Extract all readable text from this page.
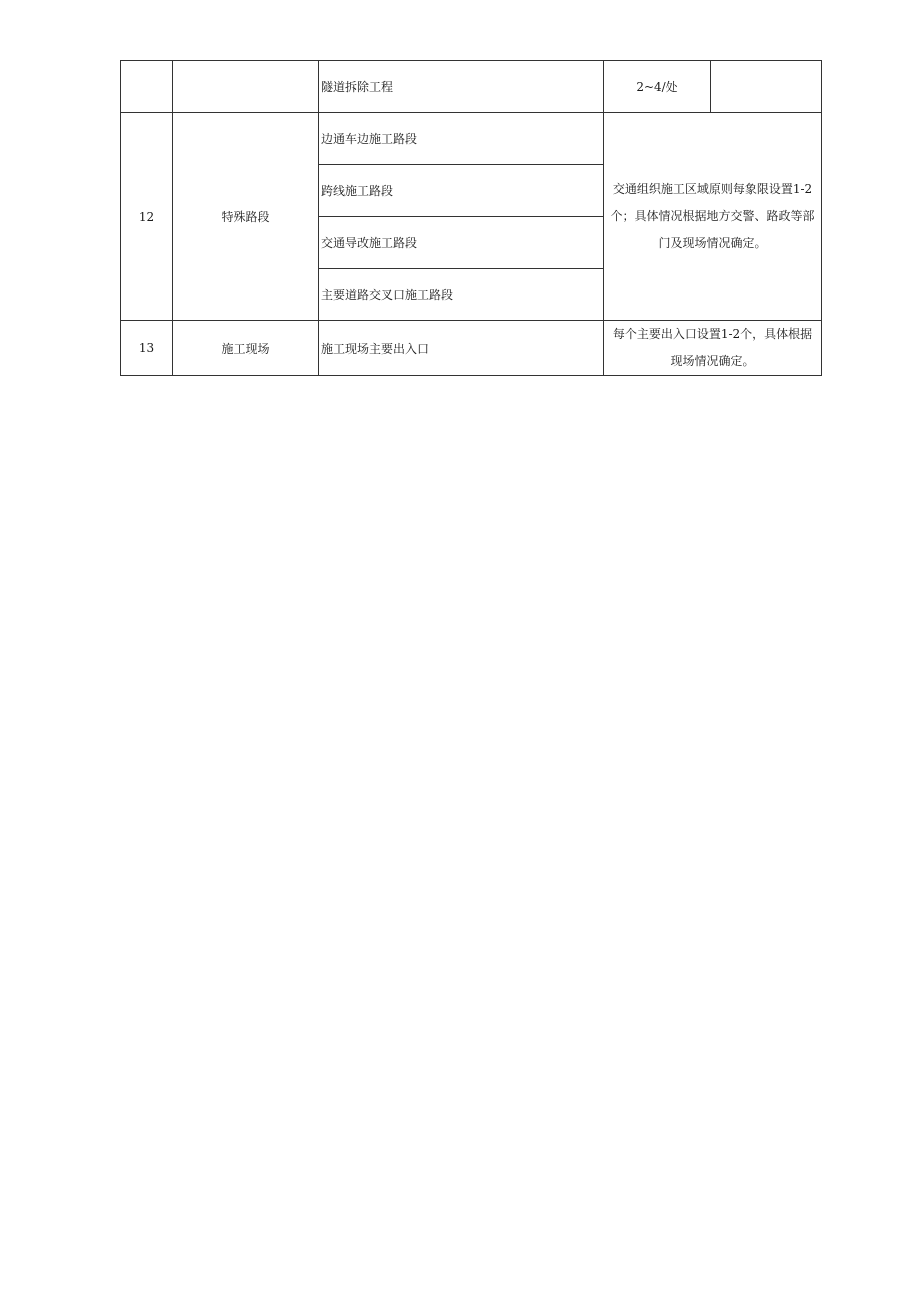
		隧道拆除工程	2~4/处	
12	特殊路段	边通车边施工路段	交通组织施工区域原则每象限设置1-2个；具体情况根据地方交警、路政等部门及现场情况确定。	
		跨线施工路段		
		交通导改施工路段		
		主要道路交叉口施工路段		
13	施工现场	施工现场主要出入口	每个主要出入口设置1-2个，具体根据现场情况确定。	
